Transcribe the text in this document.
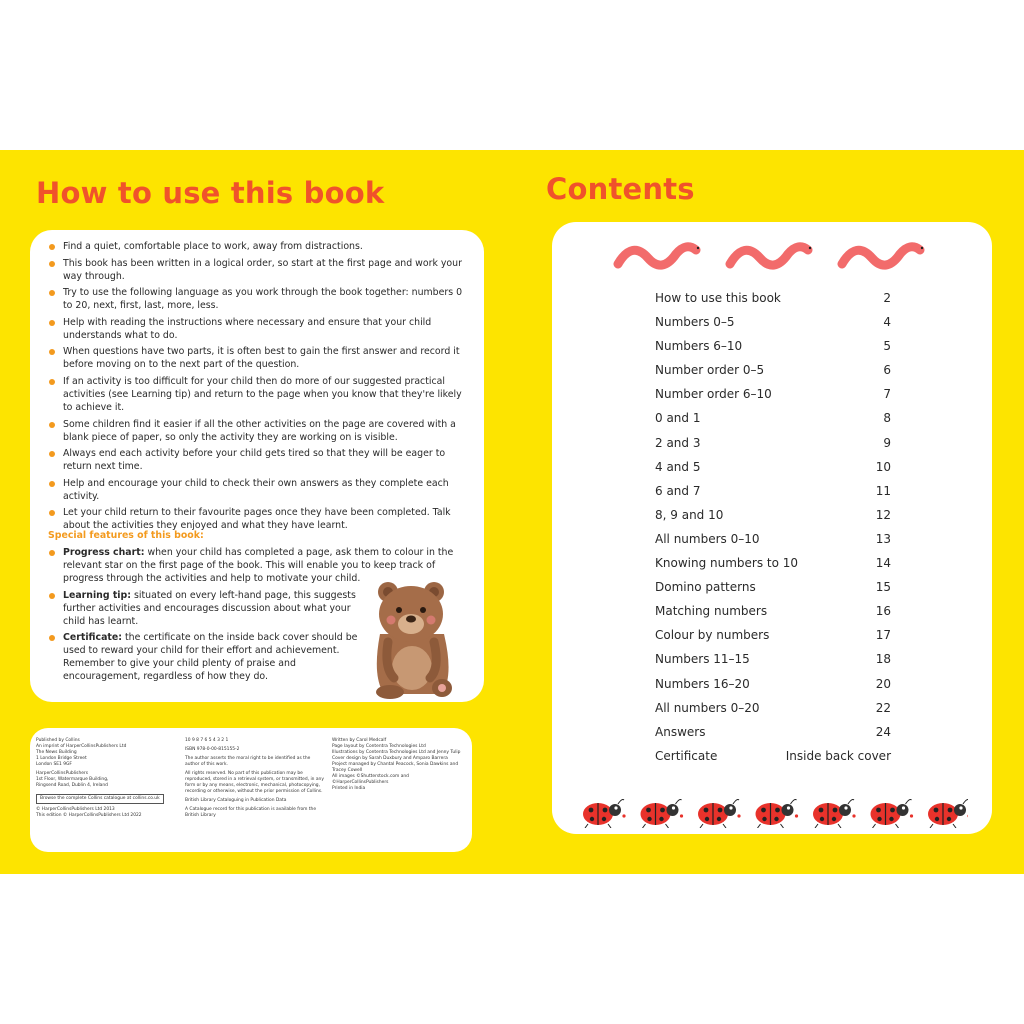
How to use this book	Contents
Find a quiet, comfortable place to work, away from distractions.
This book has been written in a logical order, so start at the first page and work your way through.
Try to use the following language as you work through the book together: numbers 0 to 20, next, first, last, more, less.
Help with reading the instructions where necessary and ensure that your child understands what to do.
When questions have two parts, it is often best to gain the first answer and record it before moving on to the next part of the question.
If an activity is too difficult for your child then do more of our suggested practical activities (see Learning tip) and return to the page when you know that they're likely to achieve it.
Some children find it easier if all the other activities on the page are covered with a blank piece of paper, so only the activity they are working on is visible.
Always end each activity before your child gets tired so that they will be eager to return next time.
Help and encourage your child to check their own answers as they complete each activity.
Let your child return to their favourite pages once they have been completed. Talk about the activities they enjoyed and what they have learnt.
Special features of this book:
Progress chart: when your child has completed a page, ask them to colour in the relevant star on the first page of the book. This will enable you to keep track of progress through the activities and help to motivate your child.
Learning tip: situated on every left-hand page, this suggests further activities and encourages discussion about what your child has learnt.
Certificate: the certificate on the inside back cover should be used to reward your child for their effort and achievement. Remember to give your child plenty of praise and encouragement, regardless of how they do.

Published by Collins
An imprint of HarperCollinsPublishers Ltd
The News Building
1 London Bridge Street
London SE1 9GF

HarperCollinsPublishers
1st Floor, Watermarque Building,
Ringsend Road, Dublin 4, Ireland

Browse the complete Collins catalogue at collins.co.uk

© HarperCollinsPublishers Ltd 2013
This edition © HarperCollinsPublishers Ltd 2022

10 9 8 7 6 5 4 3 2 1

ISBN 978-0-00-815155-2

The author asserts the moral right to be identified as the author of this work.

All rights reserved. No part of this publication may be reproduced, stored in a retrieval system, or transmitted, in any form or by any means, electronic, mechanical, photocopying, recording or otherwise, without the prior permission of Collins.

British Library Cataloguing in Publication Data

A Catalogue record for this publication is available from the British Library

Written by Carol Medcalf
Page layout by Contentra Technologies Ltd
Illustrations by Contentra Technologies Ltd and Jenny Tulip
Cover design by Sarah Duxbury and Amparo Barrera
Project managed by Chantal Peacock, Sonia Dawkins and Tracey Cowell
All images ©Shutterstock.com and ©HarperCollinsPublishers
Printed in India

How to use this book	2
Numbers 0–5	4
Numbers 6–10	5
Number order 0–5	6
Number order 6–10	7
0 and 1	8
2 and 3	9
4 and 5	10
6 and 7	11
8, 9 and 10	12
All numbers 0–10	13
Knowing numbers to 10	14
Domino patterns	15
Matching numbers	16
Colour by numbers	17
Numbers 11–15	18
Numbers 16–20	20
All numbers 0–20	22
Answers	24
Certificate	Inside back cover
